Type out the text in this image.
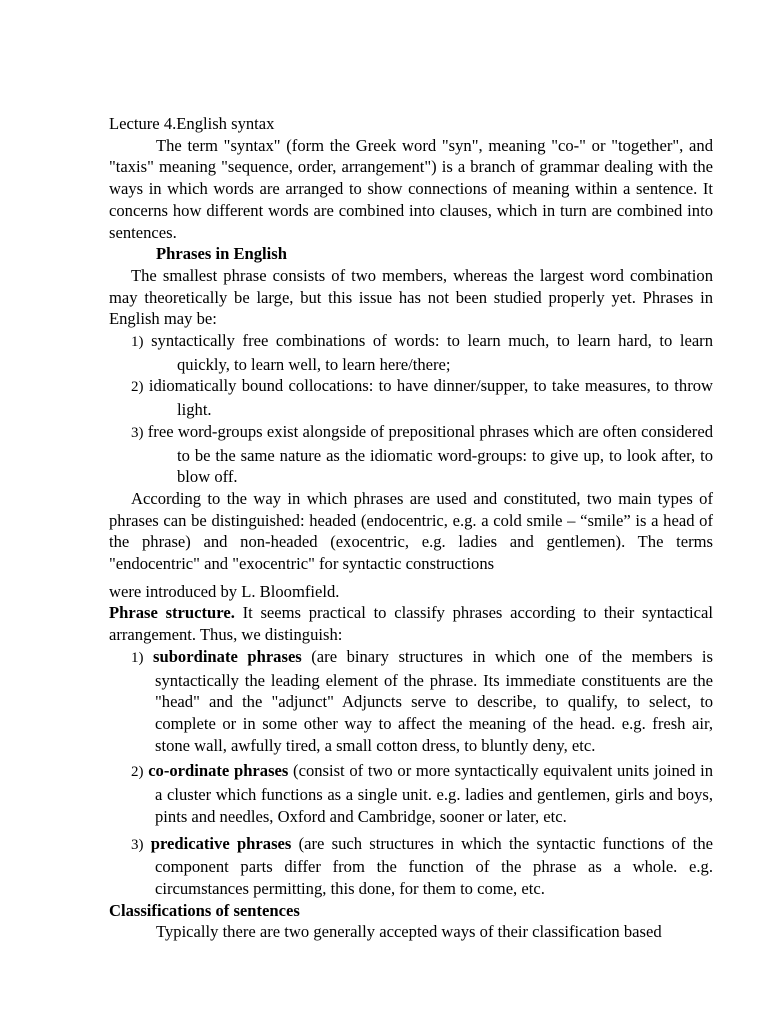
Lecture 4.English syntax

The term "syntax" (form the Greek word "syn", meaning "co-" or "together", and "taxis" meaning "sequence, order, arrangement") is a branch of grammar dealing with the ways in which words are arranged to show connections of meaning within a sentence. It concerns how different words are combined into clauses, which in turn are combined into sentences.

Phrases in English

The smallest phrase consists of two members, whereas the largest word combination may theoretically be large, but this issue has not been studied properly yet. Phrases in English may be:

1) syntactically free combinations of words: to learn much, to learn hard, to learn quickly, to learn well, to learn here/there;
2) idiomatically bound collocations: to have dinner/supper, to take measures, to throw light.
3) free word-groups exist alongside of prepositional phrases which are often considered to be the same nature as the idiomatic word-groups: to give up, to look after, to blow off.

According to the way in which phrases are used and constituted, two main types of phrases can be distinguished: headed (endocentric, e.g. a cold smile – “smile” is a head of the phrase) and non-headed (exocentric, e.g. ladies and gentlemen). The terms "endocentric" and "exocentric" for syntactic constructions

were introduced by L. Bloomfield.

Phrase structure. It seems practical to classify phrases according to their syntactical arrangement. Thus, we distinguish:

1) subordinate phrases (are binary structures in which one of the members is syntactically the leading element of the phrase. Its immediate constituents are the "head" and the "adjunct" Adjuncts serve to describe, to qualify, to select, to complete or in some other way to affect the meaning of the head. e.g. fresh air, stone wall, awfully tired, a small cotton dress, to bluntly deny, etc.
2) co-ordinate phrases (consist of two or more syntactically equivalent units joined in a cluster which functions as a single unit. e.g. ladies and gentlemen, girls and boys, pints and needles, Oxford and Cambridge, sooner or later, etc.
3) predicative phrases (are such structures in which the syntactic functions of the component parts differ from the function of the phrase as a whole. e.g. circumstances permitting, this done, for them to come, etc.

Classifications of sentences

Typically there are two generally accepted ways of their classification based
